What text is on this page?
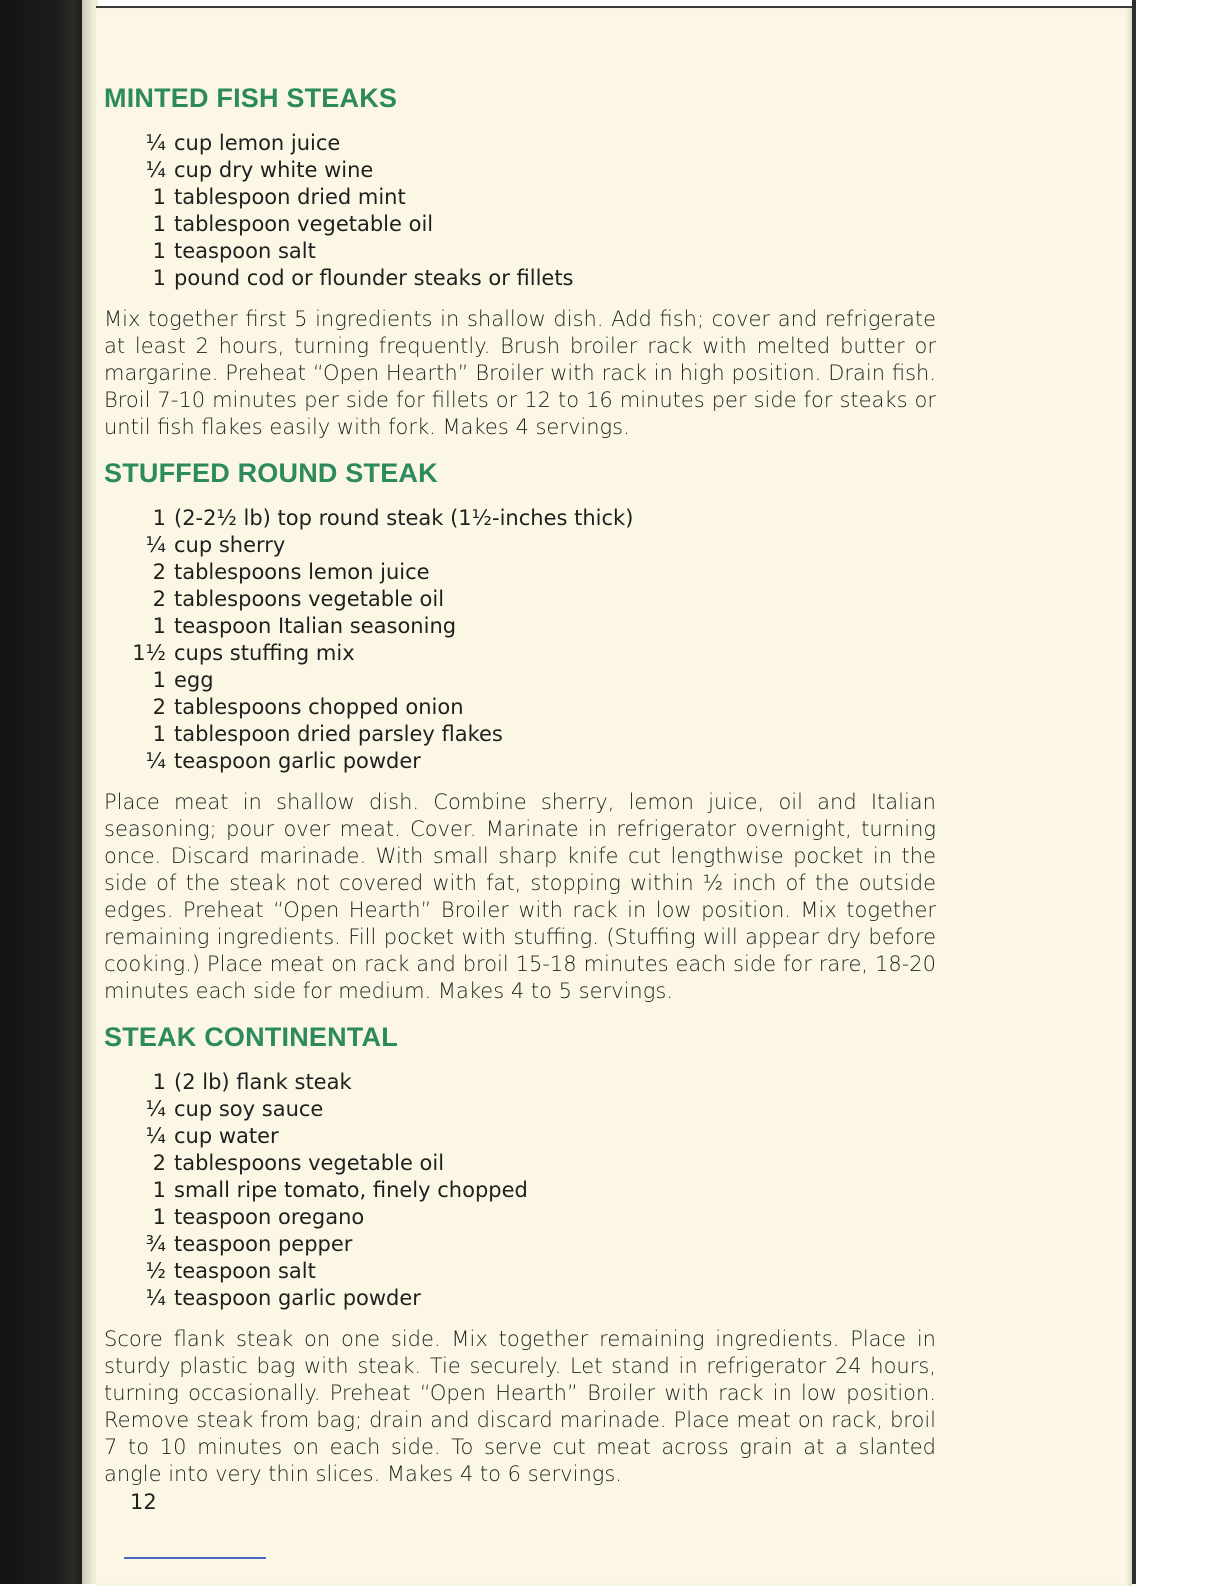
MINTED FISH STEAKS
¼ cup lemon juice
¼ cup dry white wine
1 tablespoon dried mint
1 tablespoon vegetable oil
1 teaspoon salt
1 pound cod or flounder steaks or fillets

Mix together first 5 ingredients in shallow dish. Add fish; cover and refrigerate at least 2 hours, turning frequently. Brush broiler rack with melted butter or margarine. Preheat “Open Hearth” Broiler with rack in high position. Drain fish. Broil 7-10 minutes per side for fillets or 12 to 16 minutes per side for steaks or until fish flakes easily with fork. Makes 4 servings.

STUFFED ROUND STEAK
1 (2-2½ lb) top round steak (1½-inches thick)
¼ cup sherry
2 tablespoons lemon juice
2 tablespoons vegetable oil
1 teaspoon Italian seasoning
1½ cups stuffing mix
1 egg
2 tablespoons chopped onion
1 tablespoon dried parsley flakes
¼ teaspoon garlic powder

Place meat in shallow dish. Combine sherry, lemon juice, oil and Italian seasoning; pour over meat. Cover. Marinate in refrigerator overnight, turning once. Discard marinade. With small sharp knife cut lengthwise pocket in the side of the steak not covered with fat, stopping within ½ inch of the outside edges. Preheat “Open Hearth” Broiler with rack in low position. Mix together remaining ingredients. Fill pocket with stuffing. (Stuffing will appear dry before cooking.) Place meat on rack and broil 15-18 minutes each side for rare, 18-20 minutes each side for medium. Makes 4 to 5 servings.

STEAK CONTINENTAL
1 (2 lb) flank steak
¼ cup soy sauce
¼ cup water
2 tablespoons vegetable oil
1 small ripe tomato, finely chopped
1 teaspoon oregano
¾ teaspoon pepper
½ teaspoon salt
¼ teaspoon garlic powder

Score flank steak on one side. Mix together remaining ingredients. Place in sturdy plastic bag with steak. Tie securely. Let stand in refrigerator 24 hours, turning occasionally. Preheat “Open Hearth” Broiler with rack in low position. Remove steak from bag; drain and discard marinade. Place meat on rack, broil 7 to 10 minutes on each side. To serve cut meat across grain at a slanted angle into very thin slices. Makes 4 to 6 servings.

12
